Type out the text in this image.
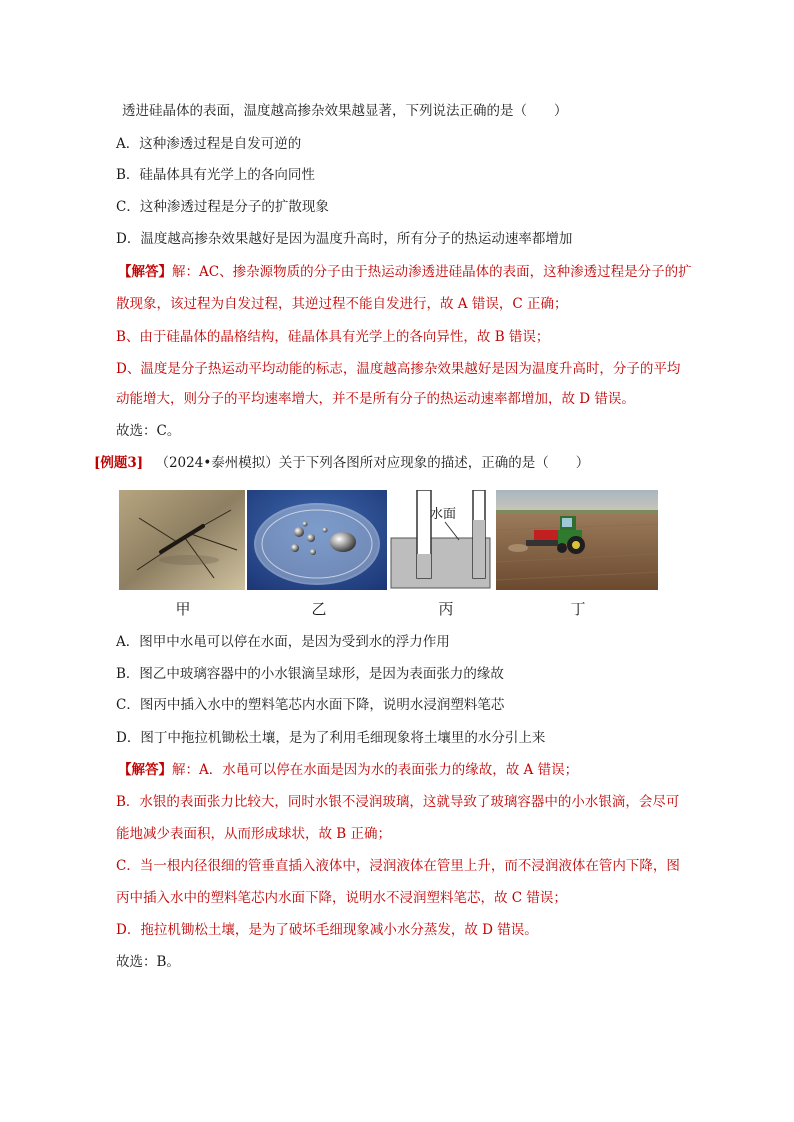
透进硅晶体的表面，温度越高掺杂效果越显著，下列说法正确的是（　　）
A．这种渗透过程是自发可逆的
B．硅晶体具有光学上的各向同性
C．这种渗透过程是分子的扩散现象
D．温度越高掺杂效果越好是因为温度升高时，所有分子的热运动速率都增加
【解答】解：AC、掺杂源物质的分子由于热运动渗透进硅晶体的表面，这种渗透过程是分子的扩
散现象，该过程为自发过程，其逆过程不能自发进行，故 A 错误，C 正确；
B、由于硅晶体的晶格结构，硅晶体具有光学上的各向异性，故 B 错误；
D、温度是分子热运动平均动能的标志，温度越高掺杂效果越好是因为温度升高时，分子的平均
动能增大，则分子的平均速率增大，并不是所有分子的热运动速率都增加，故 D 错误。
故选：C。
[例题3] （2024•泰州模拟）关于下列各图所对应现象的描述，正确的是（　　）
水面
甲	乙	丙	丁
A．图甲中水黾可以停在水面，是因为受到水的浮力作用
B．图乙中玻璃容器中的小水银滴呈球形，是因为表面张力的缘故
C．图丙中插入水中的塑料笔芯内水面下降，说明水浸润塑料笔芯
D．图丁中拖拉机锄松土壤，是为了利用毛细现象将土壤里的水分引上来
【解答】解：A．水黾可以停在水面是因为水的表面张力的缘故，故 A 错误；
B．水银的表面张力比较大，同时水银不浸润玻璃，这就导致了玻璃容器中的小水银滴，会尽可
能地减少表面积，从而形成球状，故 B 正确；
C．当一根内径很细的管垂直插入液体中，浸润液体在管里上升，而不浸润液体在管内下降，图
丙中插入水中的塑料笔芯内水面下降，说明水不浸润塑料笔芯，故 C 错误；
D．拖拉机锄松土壤，是为了破坏毛细现象减小水分蒸发，故 D 错误。
故选：B。
